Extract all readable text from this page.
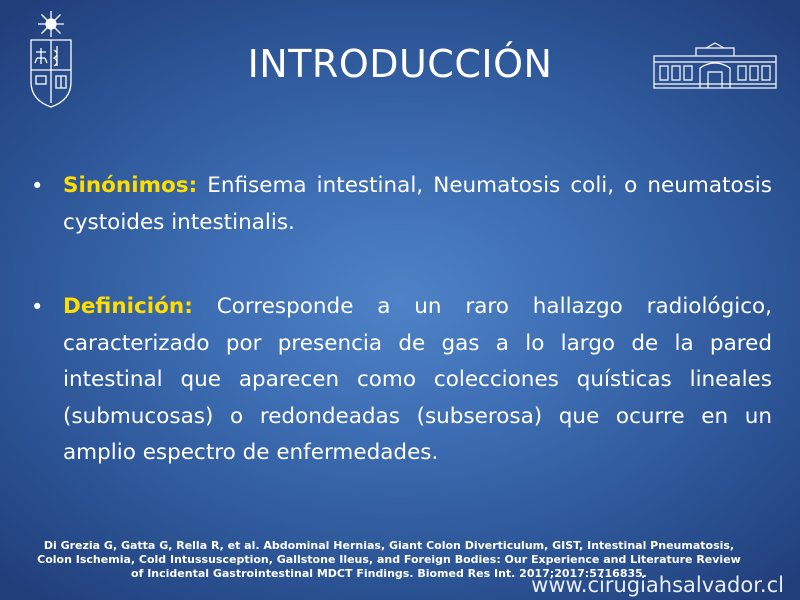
INTRODUCCIÓN
• Sinónimos: Enfisema intestinal, Neumatosis coli, o neumatosis cystoides intestinalis.
• Definición: Corresponde a un raro hallazgo radiológico, caracterizado por presencia de gas a lo largo de la pared intestinal que aparecen como colecciones quísticas lineales (submucosas) o redondeadas (subserosa) que ocurre en un amplio espectro de enfermedades.
Di Grezia G, Gatta G, Rella R, et al. Abdominal Hernias, Giant Colon Diverticulum, GIST, Intestinal Pneumatosis,
Colon Ischemia, Cold Intussusception, Gallstone Ileus, and Foreign Bodies: Our Experience and Literature Review
of Incidental Gastrointestinal MDCT Findings. Biomed Res Int. 2017;2017:5716835.
www.cirugiahsalvador.cl
